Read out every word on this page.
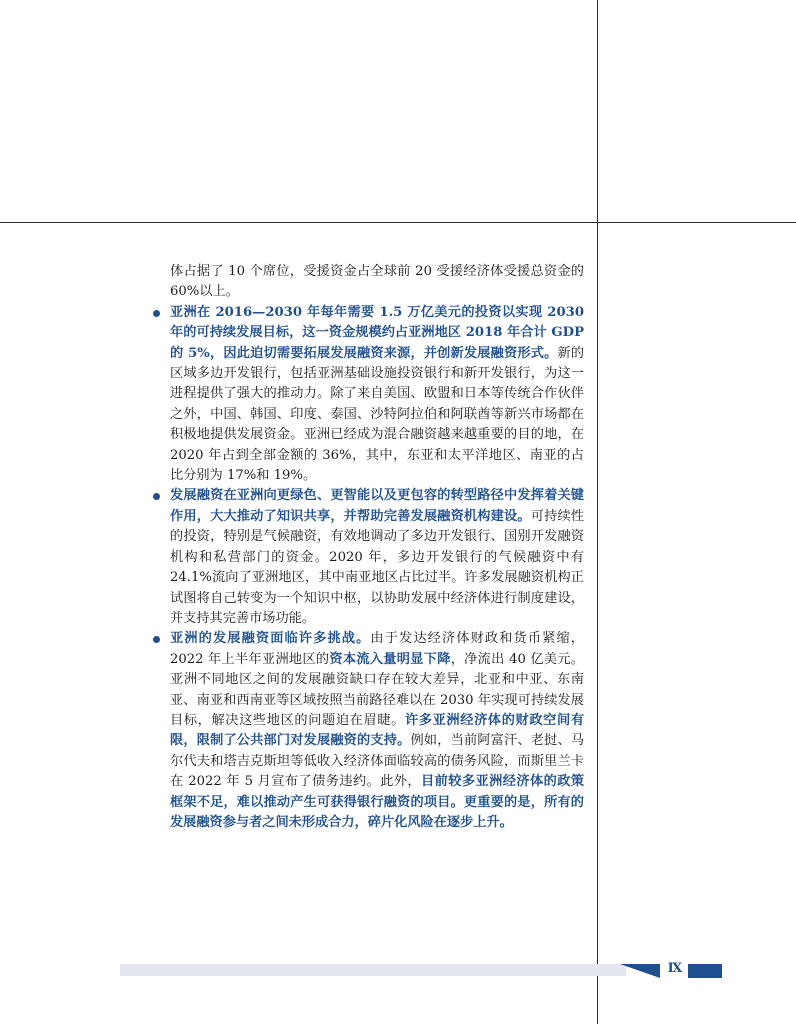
体占据了 10 个席位，受援资金占全球前 20 受援经济体受援总资金的 60%以上。

亚洲在 2016—2030 年每年需要 1.5 万亿美元的投资以实现 2030 年的可持续发展目标，这一资金规模约占亚洲地区 2018 年合计 GDP 的 5%，因此迫切需要拓展发展融资来源，并创新发展融资形式。新的区域多边开发银行，包括亚洲基础设施投资银行和新开发银行，为这一进程提供了强大的推动力。除了来自美国、欧盟和日本等传统合作伙伴之外，中国、韩国、印度、泰国、沙特阿拉伯和阿联酋等新兴市场都在积极地提供发展资金。亚洲已经成为混合融资越来越重要的目的地，在 2020 年占到全部金额的 36%，其中，东亚和太平洋地区、南亚的占比分别为 17%和 19%。

发展融资在亚洲向更绿色、更智能以及更包容的转型路径中发挥着关键作用，大大推动了知识共享，并帮助完善发展融资机构建设。可持续性的投资，特别是气候融资，有效地调动了多边开发银行、国别开发融资机构和私营部门的资金。2020 年，多边开发银行的气候融资中有 24.1%流向了亚洲地区，其中南亚地区占比过半。许多发展融资机构正试图将自己转变为一个知识中枢，以协助发展中经济体进行制度建设，并支持其完善市场功能。

亚洲的发展融资面临许多挑战。由于发达经济体财政和货币紧缩，2022 年上半年亚洲地区的资本流入量明显下降，净流出 40 亿美元。亚洲不同地区之间的发展融资缺口存在较大差异，北亚和中亚、东南亚、南亚和西南亚等区域按照当前路径难以在 2030 年实现可持续发展目标，解决这些地区的问题迫在眉睫。许多亚洲经济体的财政空间有限，限制了公共部门对发展融资的支持。例如，当前阿富汗、老挝、马尔代夫和塔吉克斯坦等低收入经济体面临较高的债务风险，而斯里兰卡在 2022 年 5 月宣布了债务违约。此外，目前较多亚洲经济体的政策框架不足，难以推动产生可获得银行融资的项目。更重要的是，所有的发展融资参与者之间未形成合力，碎片化风险在逐步上升。

Ⅸ
